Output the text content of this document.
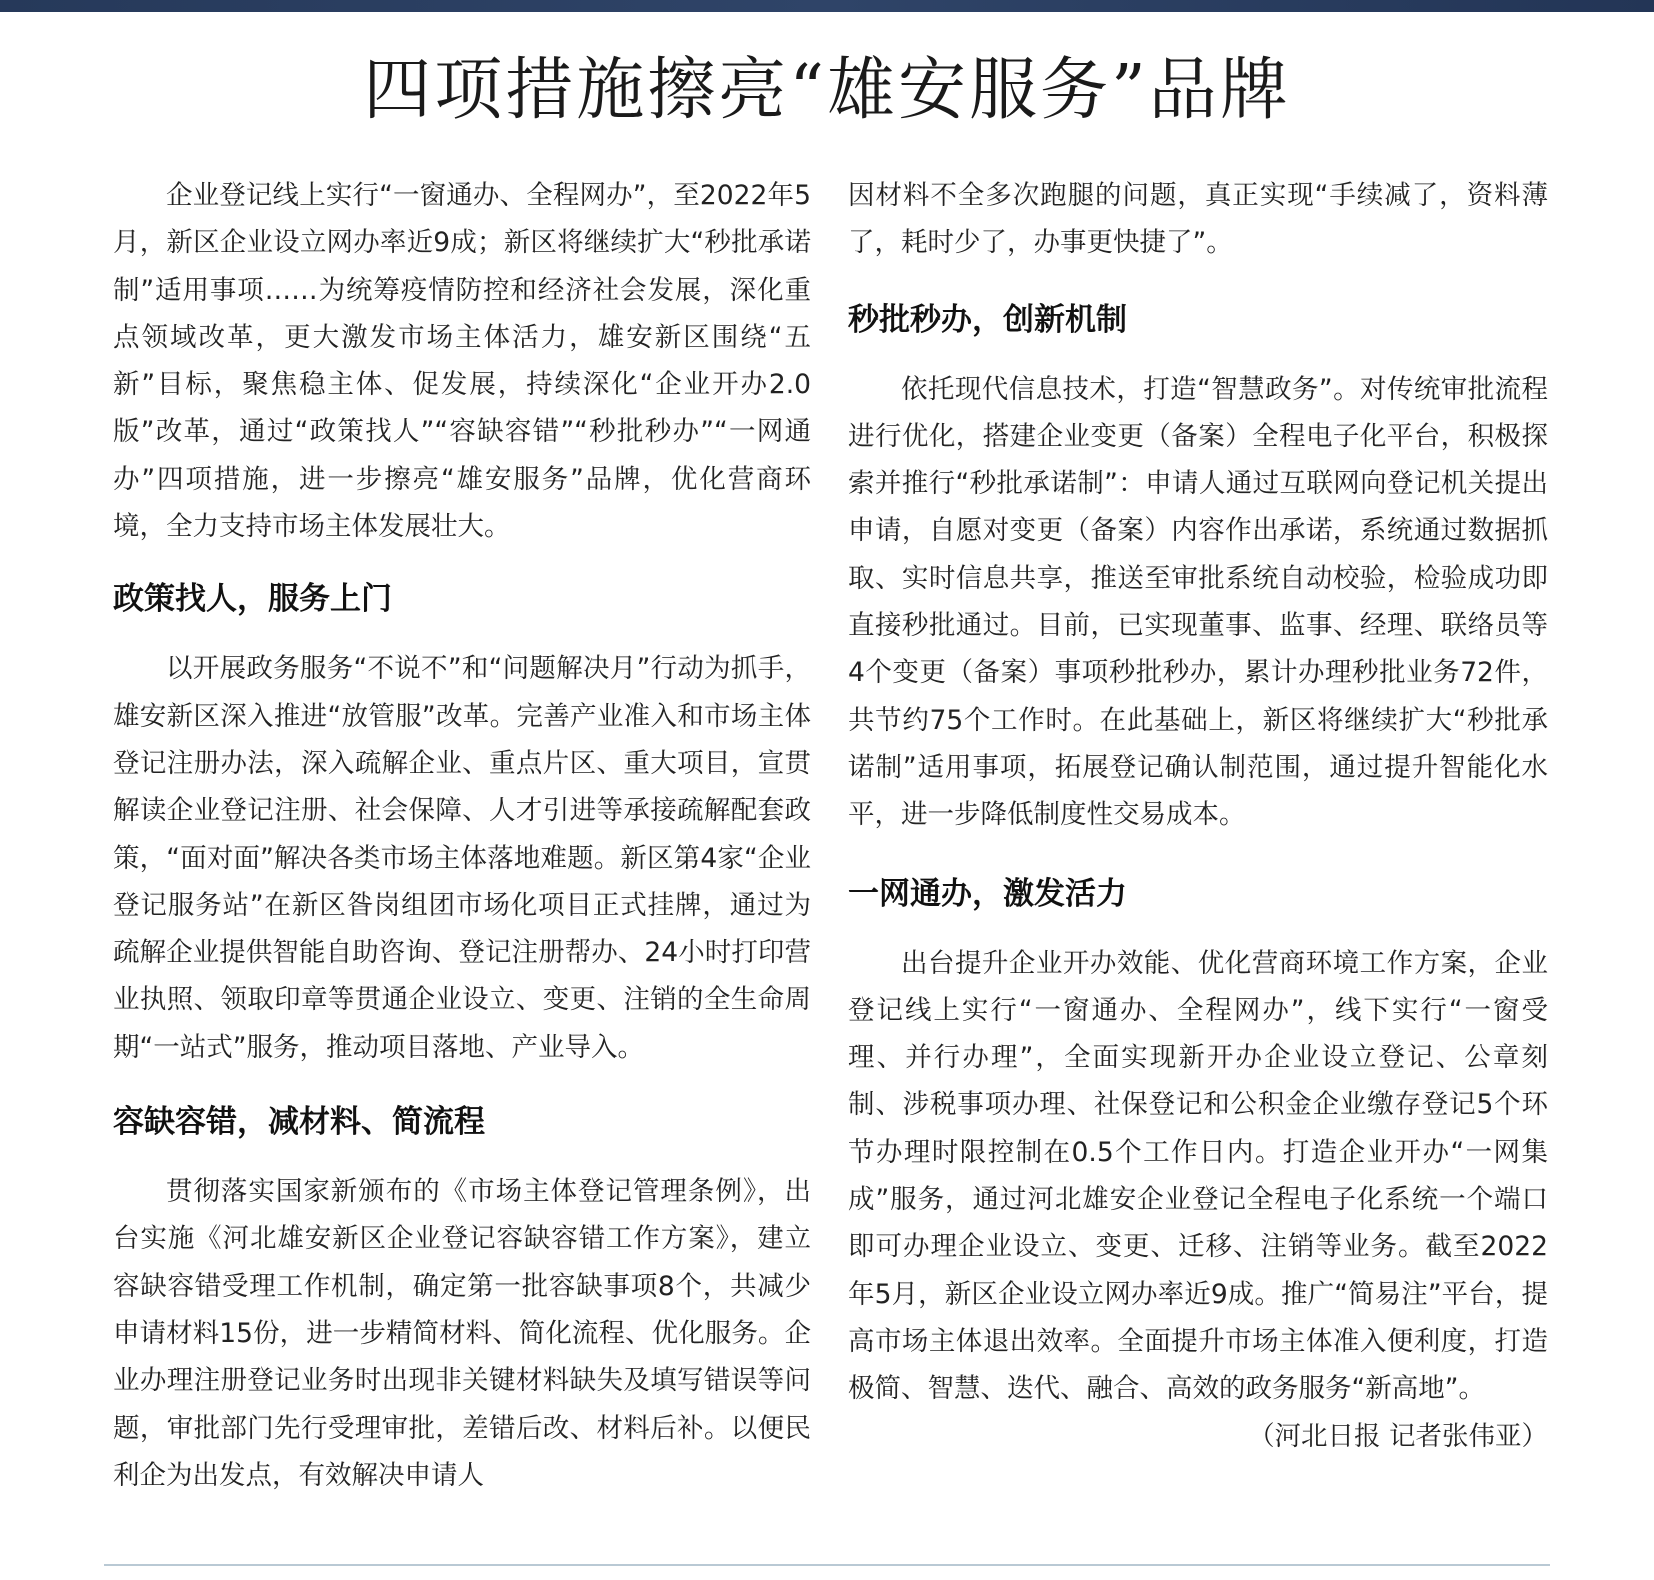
四项措施擦亮“雄安服务”品牌

企业登记线上实行“一窗通办、全程网办”，至2022年5月，新区企业设立网办率近9成；新区将继续扩大“秒批承诺制”适用事项……为统筹疫情防控和经济社会发展，深化重点领域改革，更大激发市场主体活力，雄安新区围绕“五新”目标，聚焦稳主体、促发展，持续深化“企业开办2.0版”改革，通过“政策找人”“容缺容错”“秒批秒办”“一网通办”四项措施，进一步擦亮“雄安服务”品牌，优化营商环境，全力支持市场主体发展壮大。

政策找人，服务上门

以开展政务服务“不说不”和“问题解决月”行动为抓手，雄安新区深入推进“放管服”改革。完善产业准入和市场主体登记注册办法，深入疏解企业、重点片区、重大项目，宣贯解读企业登记注册、社会保障、人才引进等承接疏解配套政策，“面对面”解决各类市场主体落地难题。新区第4家“企业登记服务站”在新区昝岗组团市场化项目正式挂牌，通过为疏解企业提供智能自助咨询、登记注册帮办、24小时打印营业执照、领取印章等贯通企业设立、变更、注销的全生命周期“一站式”服务，推动项目落地、产业导入。

容缺容错，减材料、简流程

贯彻落实国家新颁布的《市场主体登记管理条例》，出台实施《河北雄安新区企业登记容缺容错工作方案》，建立容缺容错受理工作机制，确定第一批容缺事项8个，共减少申请材料15份，进一步精简材料、简化流程、优化服务。企业办理注册登记业务时出现非关键材料缺失及填写错误等问题，审批部门先行受理审批，差错后改、材料后补。以便民利企为出发点，有效解决申请人

因材料不全多次跑腿的问题，真正实现“手续减了，资料薄了，耗时少了，办事更快捷了”。

秒批秒办，创新机制

依托现代信息技术，打造“智慧政务”。对传统审批流程进行优化，搭建企业变更（备案）全程电子化平台，积极探索并推行“秒批承诺制”：申请人通过互联网向登记机关提出申请，自愿对变更（备案）内容作出承诺，系统通过数据抓取、实时信息共享，推送至审批系统自动校验，检验成功即直接秒批通过。目前，已实现董事、监事、经理、联络员等4个变更（备案）事项秒批秒办，累计办理秒批业务72件，共节约75个工作时。在此基础上，新区将继续扩大“秒批承诺制”适用事项，拓展登记确认制范围，通过提升智能化水平，进一步降低制度性交易成本。

一网通办，激发活力

出台提升企业开办效能、优化营商环境工作方案，企业登记线上实行“一窗通办、全程网办”，线下实行“一窗受理、并行办理”，全面实现新开办企业设立登记、公章刻制、涉税事项办理、社保登记和公积金企业缴存登记5个环节办理时限控制在0.5个工作日内。打造企业开办“一网集成”服务，通过河北雄安企业登记全程电子化系统一个端口即可办理企业设立、变更、迁移、注销等业务。截至2022年5月，新区企业设立网办率近9成。推广“简易注”平台，提高市场主体退出效率。全面提升市场主体准入便利度，打造极简、智慧、迭代、融合、高效的政务服务“新高地”。

（河北日报 记者张伟亚）
